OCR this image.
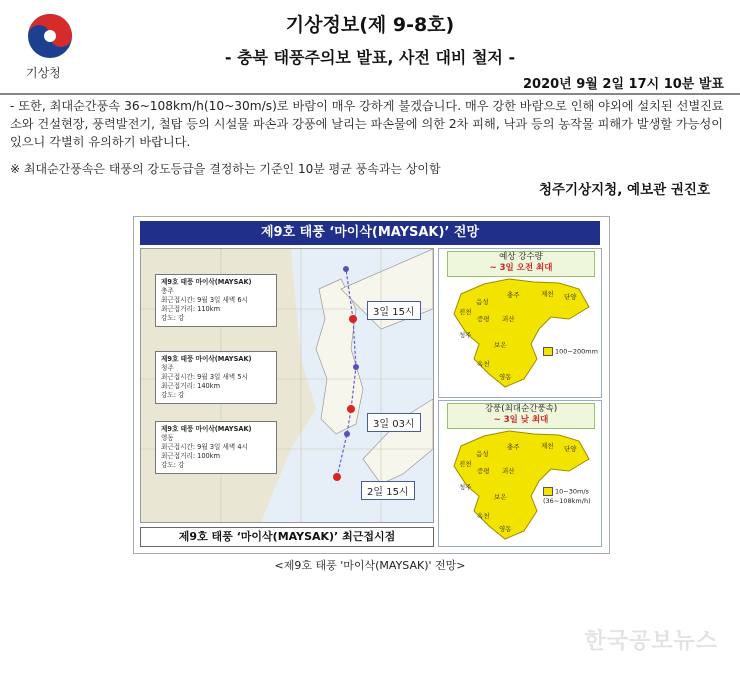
기상청
기상정보(제 9-8호)
- 충북 태풍주의보 발표, 사전 대비 철저 -
2020년 9월 2일 17시 10분 발표
- 또한, 최대순간풍속 36~108km/h(10~30m/s)로 바람이 매우 강하게 불겠습니다. 매우 강한 바람으로 인해 야외에 설치된 선별진료소와 건설현장, 풍력발전기, 철탑 등의 시설물 파손과 강풍에 날리는 파손물에 의한 2차 피해, 낙과 등의 농작물 피해가 발생할 가능성이 있으니 각별히 유의하기 바랍니다.
※ 최대순간풍속은 태풍의 강도등급을 결정하는 기준인 10분 평균 풍속과는 상이함
청주기상지청, 예보관 권진호
제9호 태풍 ‘마이삭(MAYSAK)’ 전망
제9호 태풍 마이삭(MAYSAK)
충주
최근접시간: 9월 3일 새벽 6시
최근접거리: 110km
강도: 강
제9호 태풍 마이삭(MAYSAK)
청주
최근접시간: 9월 3일 새벽 5시
최근접거리: 140km
강도: 강
제9호 태풍 마이삭(MAYSAK)
영동
최근접시간: 9월 3일 새벽 4시
최근접거리: 100km
강도: 강
3일 15시
3일 03시
2일 15시
제9호 태풍 ‘마이삭(MAYSAK)’ 최근접시점
예상 강수량
~ 3일 오전 최대
제천
충주	단양
음성
진천
증평 괴산
청주
보은
옥천
영동
100~200mm
강풍(최대순간풍속)
~ 3일 낮 최대
제천
충주	단양
음성
진천
증평 괴산
청주
보은
옥천
영동
10~30m/s
(36~108km/h)
<제9호 태풍 '마이삭(MAYSAK)' 전망>
한국공보뉴스
